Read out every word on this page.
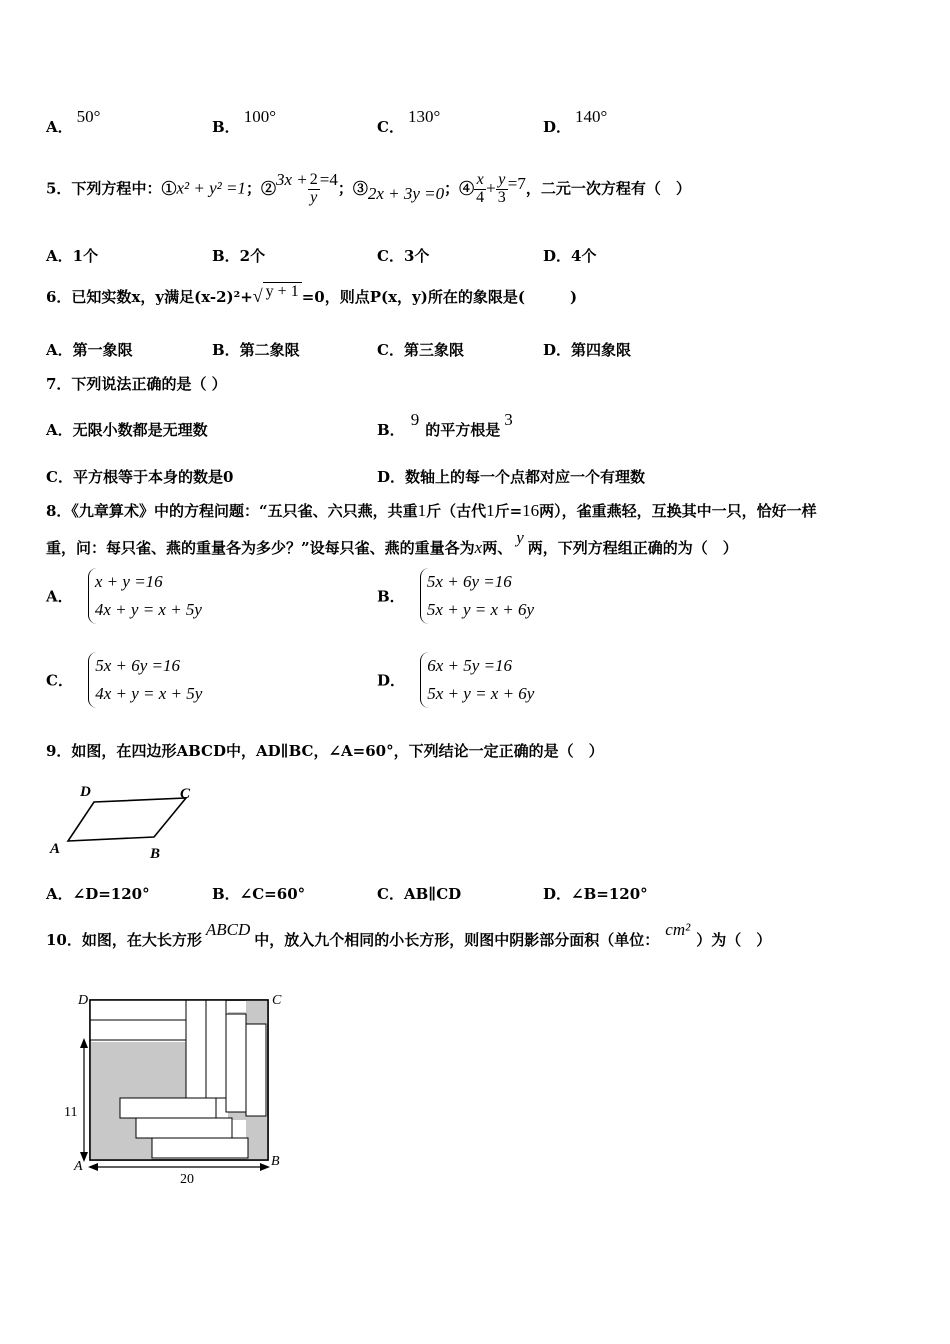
A．50°
B．100°
C．130°
D．140°
5．下列方程中：①x² + y² =1；②3x + $\frac{2}{y} =4$；③2x + 3y =0；④ $\frac{x}{4} + \frac{y}{3} =7$，二元一次方程有（　）
A．1个	B．2个	C．3个	D．4个
6．已知实数x，y满足(x-2)²+√ y + 1 =0，则点P(x，y)所在的象限是(　　　)
A．第一象限	B．第二象限	C．第三象限	D．第四象限
7．下列说法正确的是（ ）
A．无限小数都是无理数	B．9的平方根是3
C．平方根等于本身的数是0	D．数轴上的每一个点都对应一个有理数
8．《九章算术》中的方程问题：“五只雀、六只燕，共重1斤（古代1斤=16两），雀重燕轻，互换其中一只，恰好一样
重，问：每只雀、燕的重量各为多少？”设每只雀、燕的重量各为x两、y两，下列方程组正确的为（　）
A． x + y =16
4x + y = x + 5y
B． 5x + 6y =16
5x + y = x + 6y
C． 5x + 6y =16
4x + y = x + 5y
D． 6x + 5y =16
5x + y = x + 6y
9．如图，在四边形ABCD中，AD∥BC，∠A=60°，下列结论一定正确的是（　）
A	B
C
D
A．∠D=120°	B．∠C=60°	C．AB∥CD	D．∠B=120°
10．如图，在大长方形ABCD中，放入九个相同的小长方形，则图中阴影部分面积（单位：cm²）为（　）
D	C
A	B
11
20
